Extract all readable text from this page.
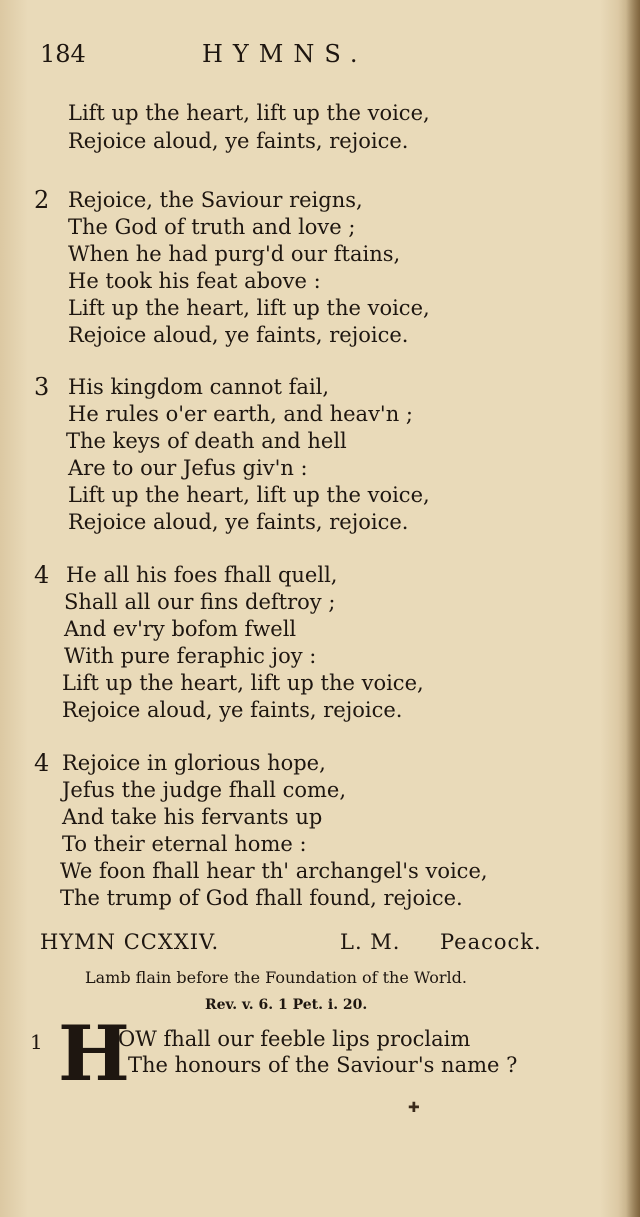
184	HYMNS.
Lift up the heart, lift up the voice,
Rejoice aloud, ye faints, rejoice.
2 Rejoice, the Saviour reigns,
The God of truth and love ;
When he had purg'd our ftains,
He took his feat above :
Lift up the heart, lift up the voice,
Rejoice aloud, ye faints, rejoice.
3 His kingdom cannot fail,
He rules o'er earth, and heav'n ;
The keys of death and hell
Are to our Jefus giv'n :
Lift up the heart, lift up the voice,
Rejoice aloud, ye faints, rejoice.
4 He all his foes fhall quell,
Shall all our fins deftroy ;
And ev'ry bofom fwell
With pure feraphic joy :
Lift up the heart, lift up the voice,
Rejoice aloud, ye faints, rejoice.
4 Rejoice in glorious hope,
Jefus the judge fhall come,
And take his fervants up
To their eternal home :
We foon fhall hear th' archangel's voice,
The trump of God fhall found, rejoice.
HYMN CCXXIV.	L. M. Peacock.
Lamb flain before the Foundation of the World.
Rev. v. 6. 1 Pet. i. 20.
1 H
OW fhall our feeble lips proclaim
The honours of the Saviour's name ?
✚
